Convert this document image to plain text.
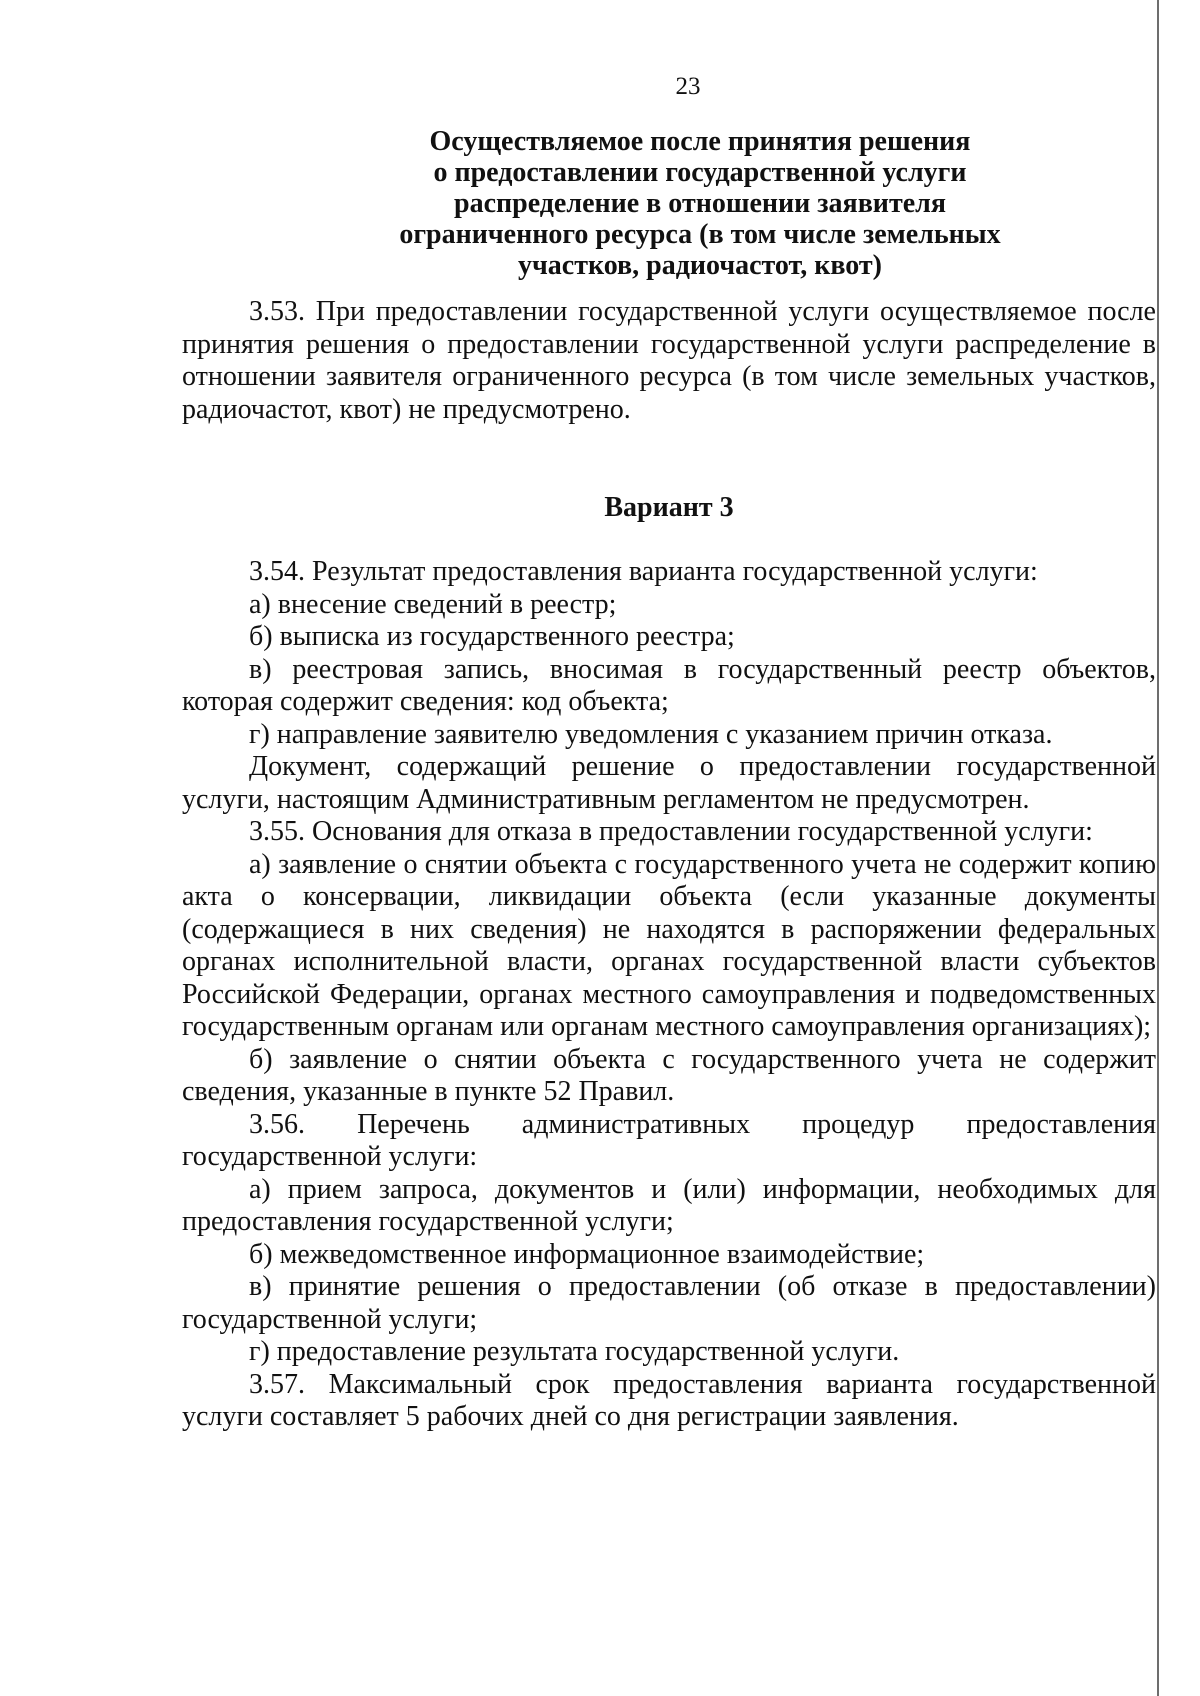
23
Осуществляемое после принятия решения
о предоставлении государственной услуги
распределение в отношении заявителя
ограниченного ресурса (в том числе земельных
участков, радиочастот, квот)

3.53. При предоставлении государственной услуги осуществляемое после принятия решения о предоставлении государственной услуги распределение в отношении заявителя ограниченного ресурса (в том числе земельных участков, радиочастот, квот) не предусмотрено.

Вариант 3

3.54. Результат предоставления варианта государственной услуги:

а) внесение сведений в реестр;

б) выписка из государственного реестра;

в) реестровая запись, вносимая в государственный реестр объектов, которая содержит сведения: код объекта;

г) направление заявителю уведомления с указанием причин отказа.

Документ, содержащий решение о предоставлении государственной услуги, настоящим Административным регламентом не предусмотрен.

3.55. Основания для отказа в предоставлении государственной услуги:

а) заявление о снятии объекта с государственного учета не содержит копию акта о консервации, ликвидации объекта (если указанные документы (содержащиеся в них сведения) не находятся в распоряжении федеральных органах исполнительной власти, органах государственной власти субъектов Российской Федерации, органах местного самоуправления и подведомственных государственным органам или органам местного самоуправления организациях);

б) заявление о снятии объекта с государственного учета не содержит сведения, указанные в пункте 52 Правил.

3.56. Перечень административных процедур предоставления государственной услуги:

а) прием запроса, документов и (или) информации, необходимых для предоставления государственной услуги;

б) межведомственное информационное взаимодействие;

в) принятие решения о предоставлении (об отказе в предоставлении) государственной услуги;

г) предоставление результата государственной услуги.

3.57. Максимальный срок предоставления варианта государственной услуги составляет 5 рабочих дней со дня регистрации заявления.
